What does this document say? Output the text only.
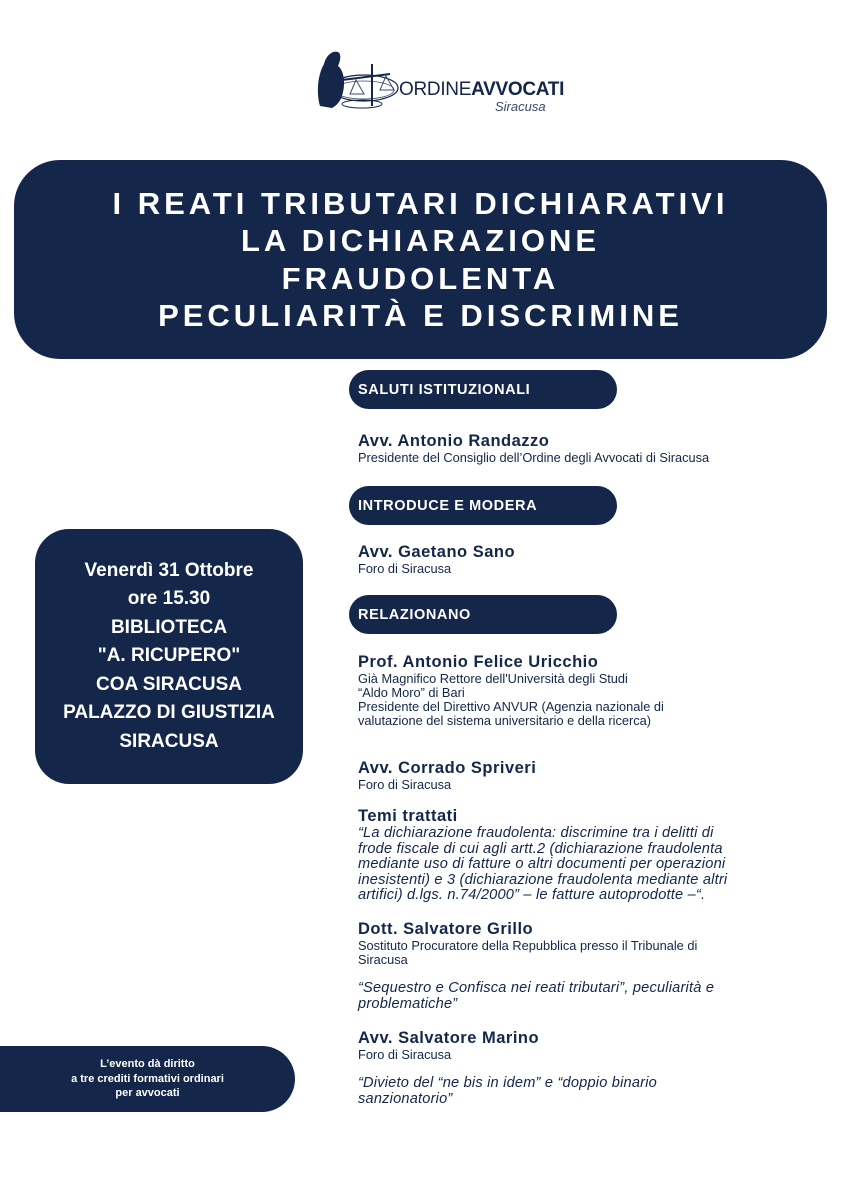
ORDINEAVVOCATI
Siracusa
I REATI TRIBUTARI DICHIARATIVI
LA DICHIARAZIONE
FRAUDOLENTA
PECULIARITÀ E DISCRIMINE
Venerdì 31 Ottobre
ore 15.30
BIBLIOTECA
"A. RICUPERO"
COA SIRACUSA
PALAZZO DI GIUSTIZIA
SIRACUSA
L’evento dà diritto
a tre crediti formativi ordinari
per avvocati
SALUTI ISTITUZIONALI
Avv. Antonio Randazzo
Presidente del Consiglio dell’Ordine degli Avvocati di Siracusa
INTRODUCE E MODERA
Avv. Gaetano Sano
Foro di Siracusa
RELAZIONANO
Prof. Antonio Felice Uricchio
Già Magnifico Rettore dell'Università degli Studi
“Aldo Moro” di Bari
Presidente del Direttivo ANVUR (Agenzia nazionale di
valutazione del sistema universitario e della ricerca)
Avv. Corrado Spriveri
Foro di Siracusa
Temi trattati
“La dichiarazione fraudolenta: discrimine tra i delitti di
frode fiscale di cui agli artt.2 (dichiarazione fraudolenta
mediante uso di fatture o altri documenti per operazioni
inesistenti) e 3 (dichiarazione fraudolenta mediante altri
artifici) d.lgs. n.74/2000” – le fatture autoprodotte –“.
Dott. Salvatore Grillo
Sostituto Procuratore della Repubblica presso il Tribunale di
Siracusa
“Sequestro e Confisca nei reati tributari”, peculiarità e
problematiche”
Avv. Salvatore Marino
Foro di Siracusa
“Divieto del “ne bis in idem” e “doppio binario
sanzionatorio”
